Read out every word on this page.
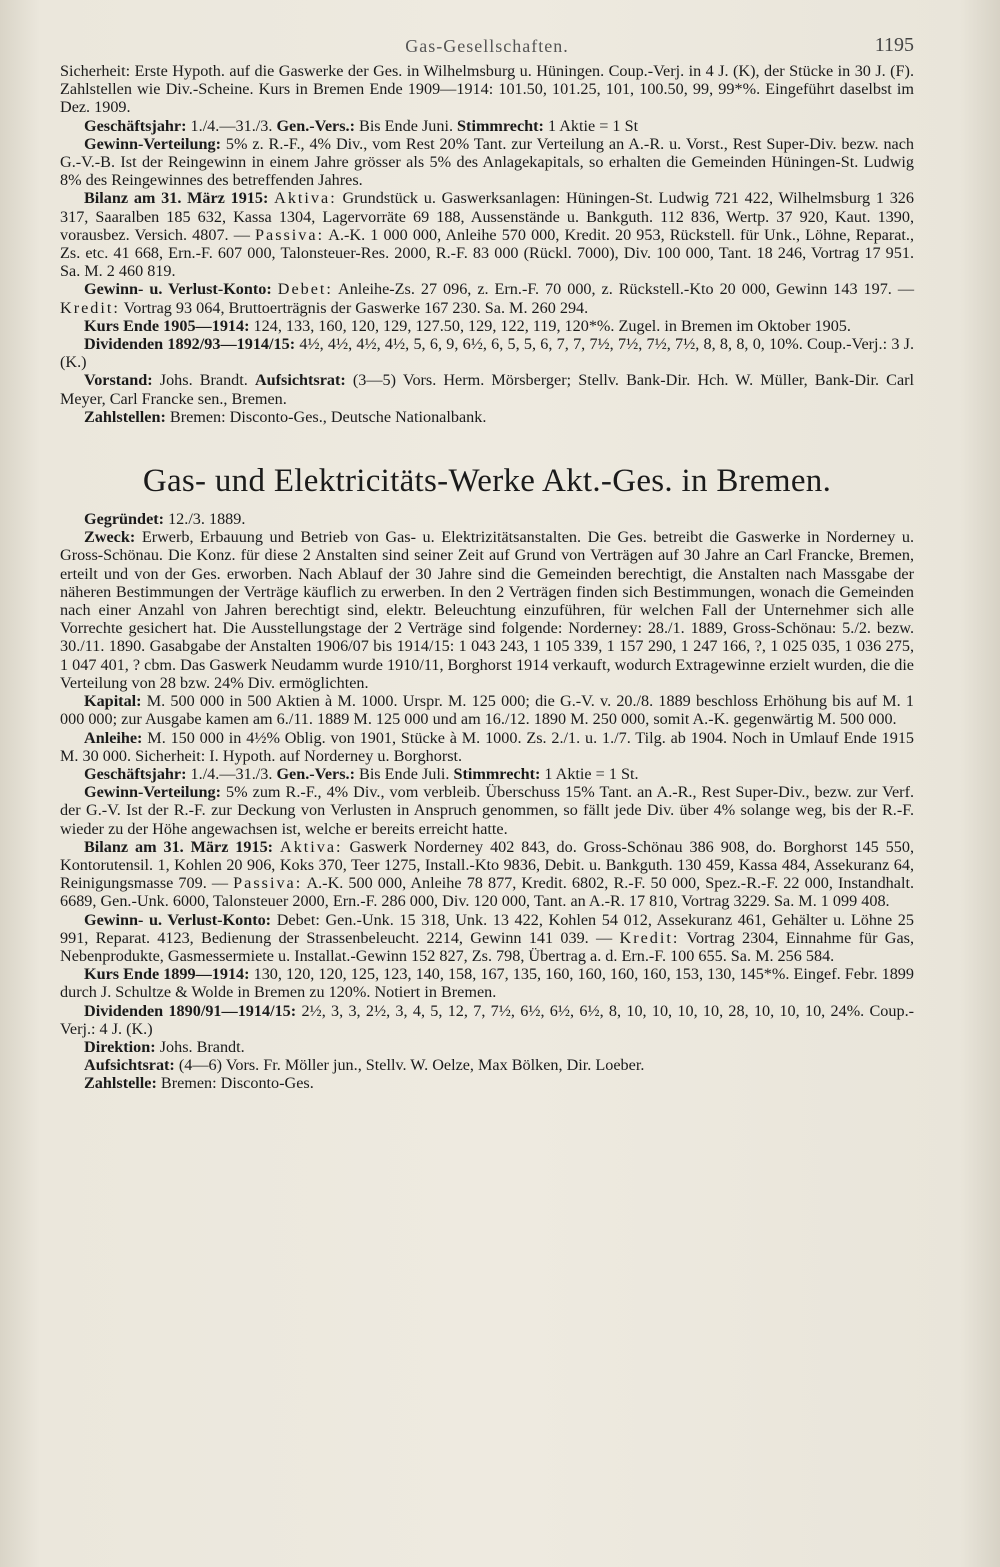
Gas-Gesellschaften.	1195

Sicherheit: Erste Hypoth. auf die Gaswerke der Ges. in Wilhelmsburg u. Hüningen. Coup.-Verj. in 4 J. (K), der Stücke in 30 J. (F). Zahlstellen wie Div.-Scheine. Kurs in Bremen Ende 1909—1914: 101.50, 101.25, 101, 100.50, 99, 99*%. Eingeführt daselbst im Dez. 1909.

Geschäftsjahr: 1./4.—31./3. Gen.-Vers.: Bis Ende Juni. Stimmrecht: 1 Aktie = 1 St

Gewinn-Verteilung: 5% z. R.-F., 4% Div., vom Rest 20% Tant. zur Verteilung an A.-R. u. Vorst., Rest Super-Div. bezw. nach G.-V.-B. Ist der Reingewinn in einem Jahre grösser als 5% des Anlagekapitals, so erhalten die Gemeinden Hüningen-St. Ludwig 8% des Reingewinnes des betreffenden Jahres.

Bilanz am 31. März 1915: Aktiva: Grundstück u. Gaswerksanlagen: Hüningen-St. Ludwig 721 422, Wilhelmsburg 1 326 317, Saaralben 185 632, Kassa 1304, Lagervorräte 69 188, Aussenstände u. Bankguth. 112 836, Wertp. 37 920, Kaut. 1390, vorausbez. Versich. 4807. — Passiva: A.-K. 1 000 000, Anleihe 570 000, Kredit. 20 953, Rückstell. für Unk., Löhne, Reparat., Zs. etc. 41 668, Ern.-F. 607 000, Talonsteuer-Res. 2000, R.-F. 83 000 (Rückl. 7000), Div. 100 000, Tant. 18 246, Vortrag 17 951. Sa. M. 2 460 819.

Gewinn- u. Verlust-Konto: Debet: Anleihe-Zs. 27 096, z. Ern.-F. 70 000, z. Rückstell.-Kto 20 000, Gewinn 143 197. — Kredit: Vortrag 93 064, Bruttoerträgnis der Gaswerke 167 230. Sa. M. 260 294.

Kurs Ende 1905—1914: 124, 133, 160, 120, 129, 127.50, 129, 122, 119, 120*%. Zugel. in Bremen im Oktober 1905.

Dividenden 1892/93—1914/15: 4½, 4½, 4½, 4½, 5, 6, 9, 6½, 6, 5, 5, 6, 7, 7, 7½, 7½, 7½, 7½, 8, 8, 8, 0, 10%. Coup.-Verj.: 3 J. (K.)

Vorstand: Johs. Brandt. Aufsichtsrat: (3—5) Vors. Herm. Mörsberger; Stellv. Bank-Dir. Hch. W. Müller, Bank-Dir. Carl Meyer, Carl Francke sen., Bremen.

Zahlstellen: Bremen: Disconto-Ges., Deutsche Nationalbank.

Gas- und Elektricitäts-Werke Akt.-Ges. in Bremen.

Gegründet: 12./3. 1889.

Zweck: Erwerb, Erbauung und Betrieb von Gas- u. Elektrizitätsanstalten. Die Ges. betreibt die Gaswerke in Norderney u. Gross-Schönau. Die Konz. für diese 2 Anstalten sind seiner Zeit auf Grund von Verträgen auf 30 Jahre an Carl Francke, Bremen, erteilt und von der Ges. erworben. Nach Ablauf der 30 Jahre sind die Gemeinden berechtigt, die Anstalten nach Massgabe der näheren Bestimmungen der Verträge käuflich zu erwerben. In den 2 Verträgen finden sich Bestimmungen, wonach die Gemeinden nach einer Anzahl von Jahren berechtigt sind, elektr. Beleuchtung einzuführen, für welchen Fall der Unternehmer sich alle Vorrechte gesichert hat. Die Ausstellungstage der 2 Verträge sind folgende: Norderney: 28./1. 1889, Gross-Schönau: 5./2. bezw. 30./11. 1890. Gasabgabe der Anstalten 1906/07 bis 1914/15: 1 043 243, 1 105 339, 1 157 290, 1 247 166, ?, 1 025 035, 1 036 275, 1 047 401, ? cbm. Das Gaswerk Neudamm wurde 1910/11, Borghorst 1914 verkauft, wodurch Extragewinne erzielt wurden, die die Verteilung von 28 bzw. 24% Div. ermöglichten.

Kapital: M. 500 000 in 500 Aktien à M. 1000. Urspr. M. 125 000; die G.-V. v. 20./8. 1889 beschloss Erhöhung bis auf M. 1 000 000; zur Ausgabe kamen am 6./11. 1889 M. 125 000 und am 16./12. 1890 M. 250 000, somit A.-K. gegenwärtig M. 500 000.

Anleihe: M. 150 000 in 4½% Oblig. von 1901, Stücke à M. 1000. Zs. 2./1. u. 1./7. Tilg. ab 1904. Noch in Umlauf Ende 1915 M. 30 000. Sicherheit: I. Hypoth. auf Norderney u. Borghorst.

Geschäftsjahr: 1./4.—31./3. Gen.-Vers.: Bis Ende Juli. Stimmrecht: 1 Aktie = 1 St.

Gewinn-Verteilung: 5% zum R.-F., 4% Div., vom verbleib. Überschuss 15% Tant. an A.-R., Rest Super-Div., bezw. zur Verf. der G.-V. Ist der R.-F. zur Deckung von Verlusten in Anspruch genommen, so fällt jede Div. über 4% solange weg, bis der R.-F. wieder zu der Höhe angewachsen ist, welche er bereits erreicht hatte.

Bilanz am 31. März 1915: Aktiva: Gaswerk Norderney 402 843, do. Gross-Schönau 386 908, do. Borghorst 145 550, Kontorutensil. 1, Kohlen 20 906, Koks 370, Teer 1275, Install.-Kto 9836, Debit. u. Bankguth. 130 459, Kassa 484, Assekuranz 64, Reinigungsmasse 709. — Passiva: A.-K. 500 000, Anleihe 78 877, Kredit. 6802, R.-F. 50 000, Spez.-R.-F. 22 000, Instandhalt. 6689, Gen.-Unk. 6000, Talonsteuer 2000, Ern.-F. 286 000, Div. 120 000, Tant. an A.-R. 17 810, Vortrag 3229. Sa. M. 1 099 408.

Gewinn- u. Verlust-Konto: Debet: Gen.-Unk. 15 318, Unk. 13 422, Kohlen 54 012, Assekuranz 461, Gehälter u. Löhne 25 991, Reparat. 4123, Bedienung der Strassenbeleucht. 2214, Gewinn 141 039. — Kredit: Vortrag 2304, Einnahme für Gas, Nebenprodukte, Gasmessermiete u. Installat.-Gewinn 152 827, Zs. 798, Übertrag a. d. Ern.-F. 100 655. Sa. M. 256 584.

Kurs Ende 1899—1914: 130, 120, 120, 125, 123, 140, 158, 167, 135, 160, 160, 160, 160, 153, 130, 145*%. Eingef. Febr. 1899 durch J. Schultze & Wolde in Bremen zu 120%. Notiert in Bremen.

Dividenden 1890/91—1914/15: 2½, 3, 3, 2½, 3, 4, 5, 12, 7, 7½, 6½, 6½, 6½, 8, 10, 10, 10, 10, 28, 10, 10, 10, 24%. Coup.-Verj.: 4 J. (K.)

Direktion: Johs. Brandt.

Aufsichtsrat: (4—6) Vors. Fr. Möller jun., Stellv. W. Oelze, Max Bölken, Dir. Loeber.

Zahlstelle: Bremen: Disconto-Ges.
